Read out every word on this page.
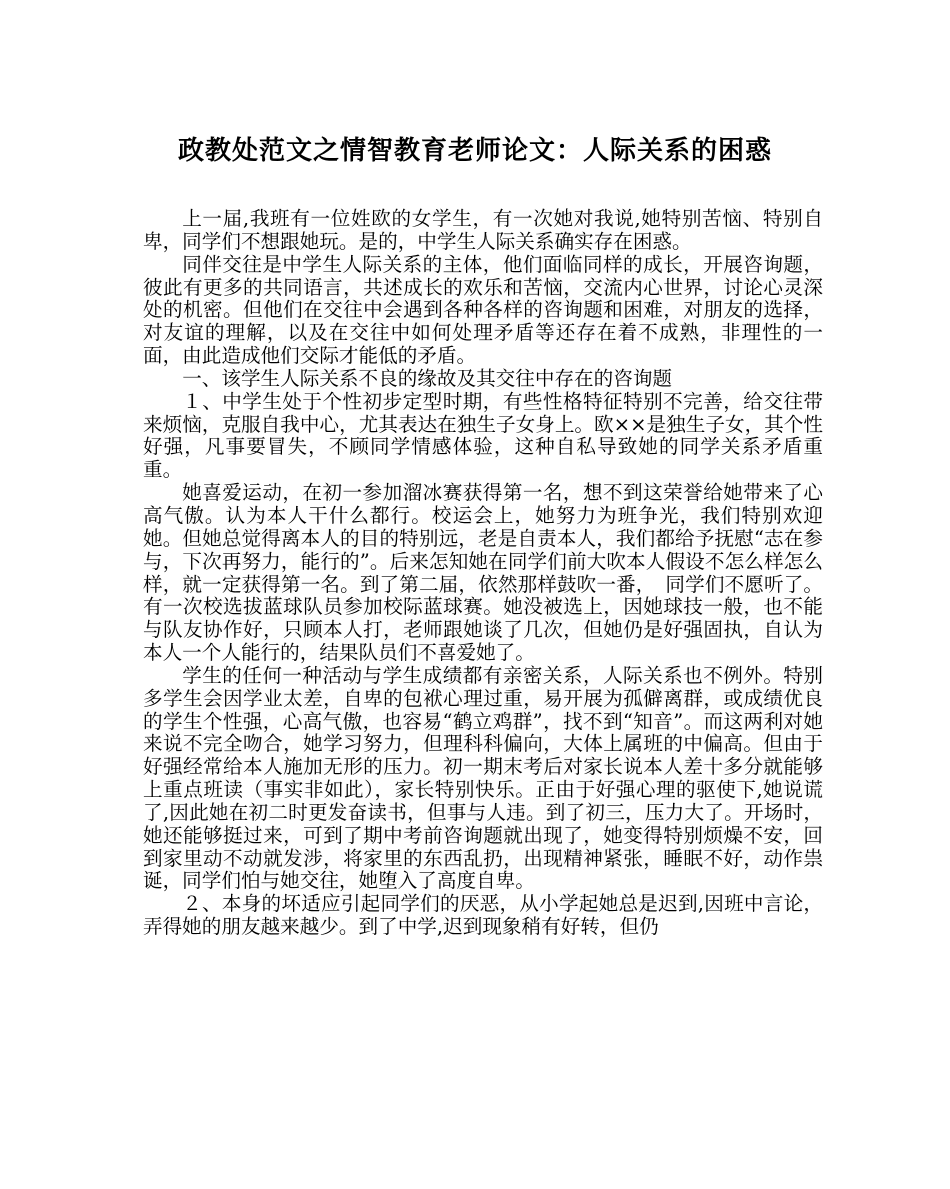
政教处范文之情智教育老师论文：人际关系的困惑

上一届,我班有一位姓欧的女学生，有一次她对我说,她特别苦恼、特别自卑，同学们不想跟她玩。是的，中学生人际关系确实存在困惑。

同伴交往是中学生人际关系的主体，他们面临同样的成长，开展咨询题，彼此有更多的共同语言，共述成长的欢乐和苦恼，交流内心世界，讨论心灵深处的机密。但他们在交往中会遇到各种各样的咨询题和困难，对朋友的选择，对友谊的理解，以及在交往中如何处理矛盾等还存在着不成熟，非理性的一面，由此造成他们交际才能低的矛盾。

一、该学生人际关系不良的缘故及其交往中存在的咨询题

１、中学生处于个性初步定型时期，有些性格特征特别不完善，给交往带来烦恼，克服自我中心，尤其表达在独生子女身上。欧××是独生子女，其个性好强，凡事要冒失，不顾同学情感体验，这种自私导致她的同学关系矛盾重重。

她喜爱运动，在初一参加溜冰赛获得第一名，想不到这荣誉给她带来了心高气傲。认为本人干什么都行。校运会上，她努力为班争光，我们特别欢迎她。但她总觉得离本人的目的特别远，老是自责本人，我们都给予抚慰“志在参与，下次再努力，能行的”。后来怎知她在同学们前大吹本人假设不怎么样怎么样，就一定获得第一名。到了第二届，依然那样鼓吹一番，　同学们不愿听了。有一次校选拔蓝球队员参加校际蓝球赛。她没被选上，因她球技一般，也不能与队友协作好，只顾本人打，老师跟她谈了几次，但她仍是好强固执，自认为本人一个人能行的，结果队员们不喜爱她了。

学生的任何一种活动与学生成绩都有亲密关系，人际关系也不例外。特别多学生会因学业太差，自卑的包袱心理过重，易开展为孤僻离群，或成绩优良的学生个性强，心高气傲，也容易“鹤立鸡群”，找不到“知音”。而这两利对她来说不完全吻合，她学习努力，但理科科偏向，大体上属班的中偏高。但由于好强经常给本人施加无形的压力。初一期末考后对家长说本人差十多分就能够上重点班读（事实非如此），家长特别快乐。正由于好强心理的驱使下,她说谎了,因此她在初二时更发奋读书，但事与人违。到了初三，压力大了。开场时，她还能够挺过来，可到了期中考前咨询题就出现了，她变得特别烦燥不安，回到家里动不动就发涉，将家里的东西乱扔，出现精神紧张，睡眠不好，动作祟诞，同学们怕与她交往，她堕入了高度自卑。

２、本身的坏适应引起同学们的厌恶，从小学起她总是迟到,因班中言论，弄得她的朋友越来越少。到了中学,迟到现象稍有好转，但仍
